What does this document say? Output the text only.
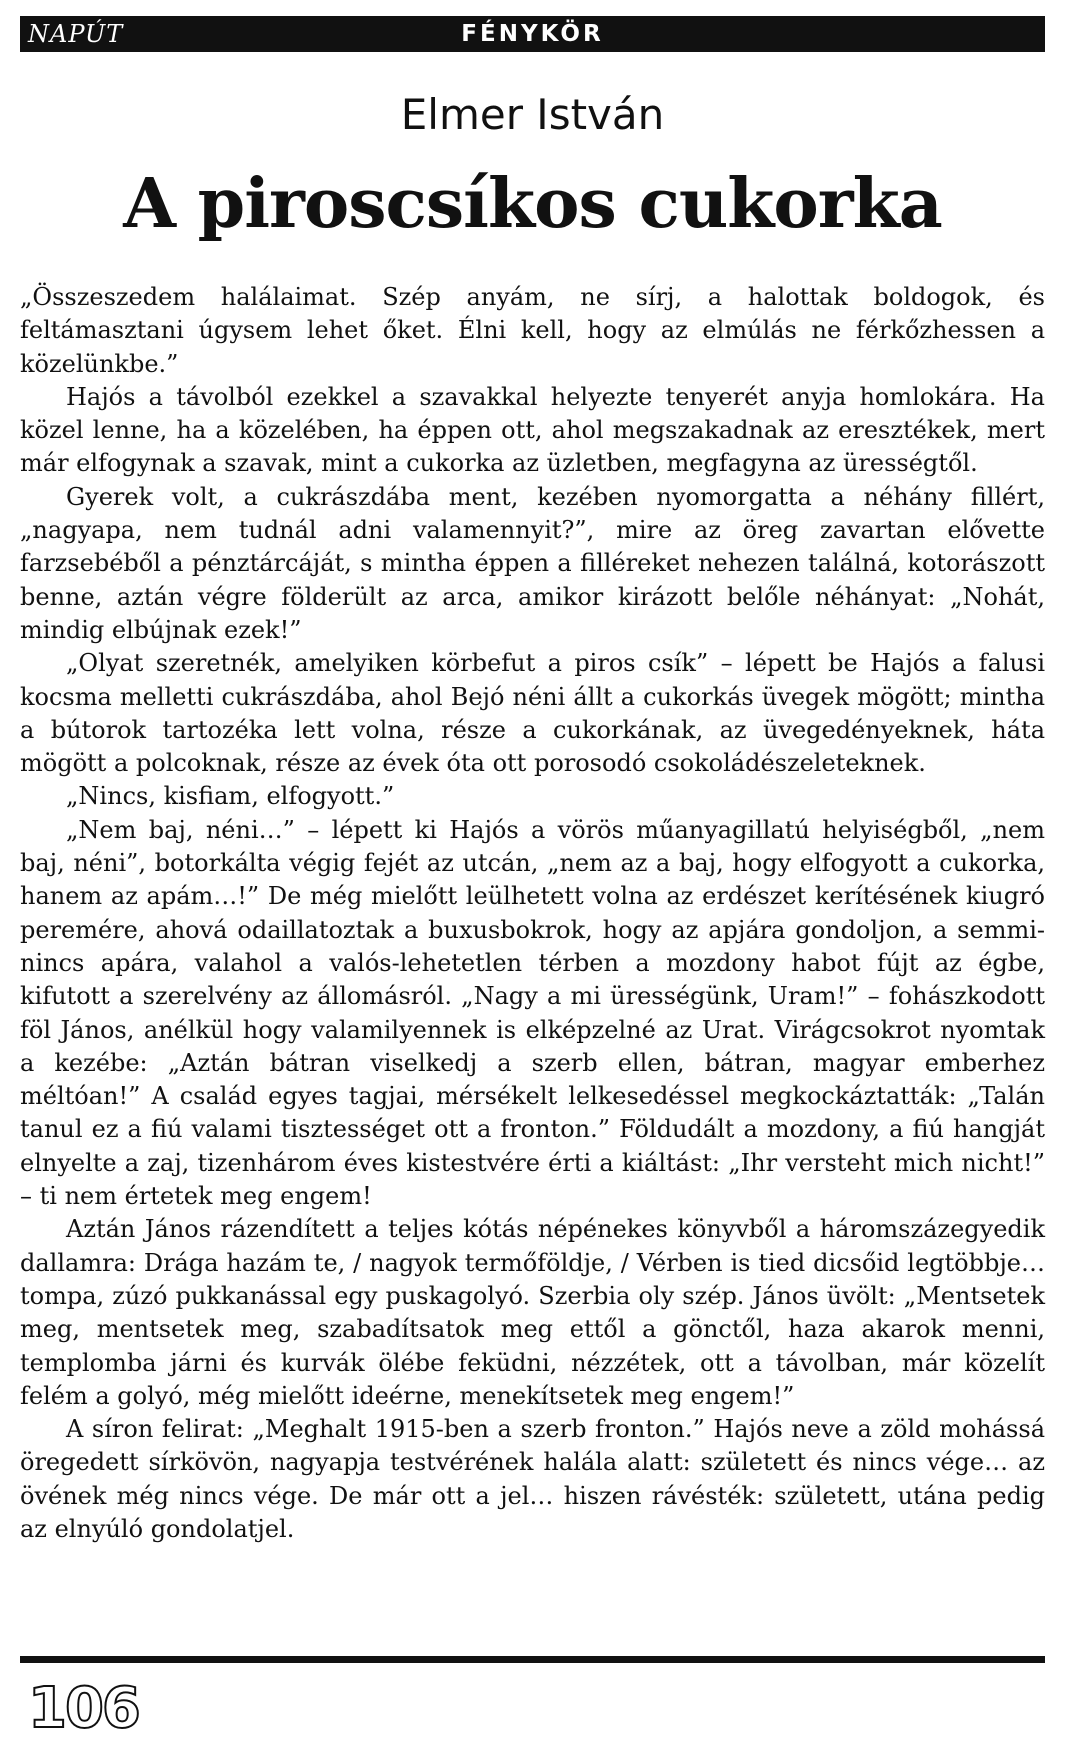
NAPÚT	FÉNYKÖR
Elmer István
A piroscsíkos cukorka

„Összeszedem halálaimat. Szép anyám, ne sírj, a halottak boldogok, és feltámasztani úgysem lehet őket. Élni kell, hogy az elmúlás ne férkőzhessen a közelünkbe.”

Hajós a távolból ezekkel a szavakkal helyezte tenyerét anyja homlokára. Ha közel lenne, ha a közelében, ha éppen ott, ahol megszakadnak az eresztékek, mert már elfogynak a szavak, mint a cukorka az üzletben, megfagyna az ürességtől.

Gyerek volt, a cukrászdába ment, kezében nyomorgatta a néhány fillért, „nagyapa, nem tudnál adni valamennyit?”, mire az öreg zavartan elővette farzsebéből a pénztárcáját, s mintha éppen a filléreket nehezen találná, kotorászott benne, aztán végre földerült az arca, amikor kirázott belőle néhányat: „Nohát, mindig elbújnak ezek!”

„Olyat szeretnék, amelyiken körbefut a piros csík” – lépett be Hajós a falusi kocsma melletti cukrászdába, ahol Bejó néni állt a cukorkás üvegek mögött; mintha a bútorok tartozéka lett volna, része a cukorkának, az üvegedényeknek, háta mögött a polcoknak, része az évek óta ott porosodó csokoládészeleteknek.

„Nincs, kisfiam, elfogyott.”

„Nem baj, néni…” – lépett ki Hajós a vörös műanyagillatú helyiségből, „nem baj, néni”, botorkálta végig fejét az utcán, „nem az a baj, hogy elfogyott a cukorka, hanem az apám…!” De még mielőtt leülhetett volna az erdészet kerítésének kiugró peremére, ahová odaillatoztak a buxusbokrok, hogy az apjára gondoljon, a semmi-nincs apára, valahol a valós-lehetetlen térben a mozdony habot fújt az égbe, kifutott a szerelvény az állomásról. „Nagy a mi ürességünk, Uram!” – fohászkodott föl János, anélkül hogy valamilyennek is elképzelné az Urat. Virágcsokrot nyomtak a kezébe: „Aztán bátran viselkedj a szerb ellen, bátran, magyar emberhez méltóan!” A család egyes tagjai, mérsékelt lelkesedéssel megkockáztatták: „Talán tanul ez a fiú valami tisztességet ott a fronton.” Földudált a mozdony, a fiú hangját elnyelte a zaj, tizenhárom éves kistestvére érti a kiáltást: „Ihr versteht mich nicht!” – ti nem értetek meg engem!

Aztán János rázendített a teljes kótás népénekes könyvből a háromszázegyedik dallamra: Drága hazám te, / nagyok termőföldje, / Vérben is tied dicsőid legtöbbje… tompa, zúzó pukkanással egy puskagolyó. Szerbia oly szép. János üvölt: „Mentsetek meg, mentsetek meg, szabadítsatok meg ettől a gönctől, haza akarok menni, templomba járni és kurvák ölébe feküdni, nézzétek, ott a távolban, már közelít felém a golyó, még mielőtt ideérne, menekítsetek meg engem!”

A síron felirat: „Meghalt 1915-ben a szerb fronton.” Hajós neve a zöld mohássá öregedett sírkövön, nagyapja testvérének halála alatt: született és nincs vége… az övének még nincs vége. De már ott a jel… hiszen rávésték: született, utána pedig az elnyúló gondolatjel.

106
